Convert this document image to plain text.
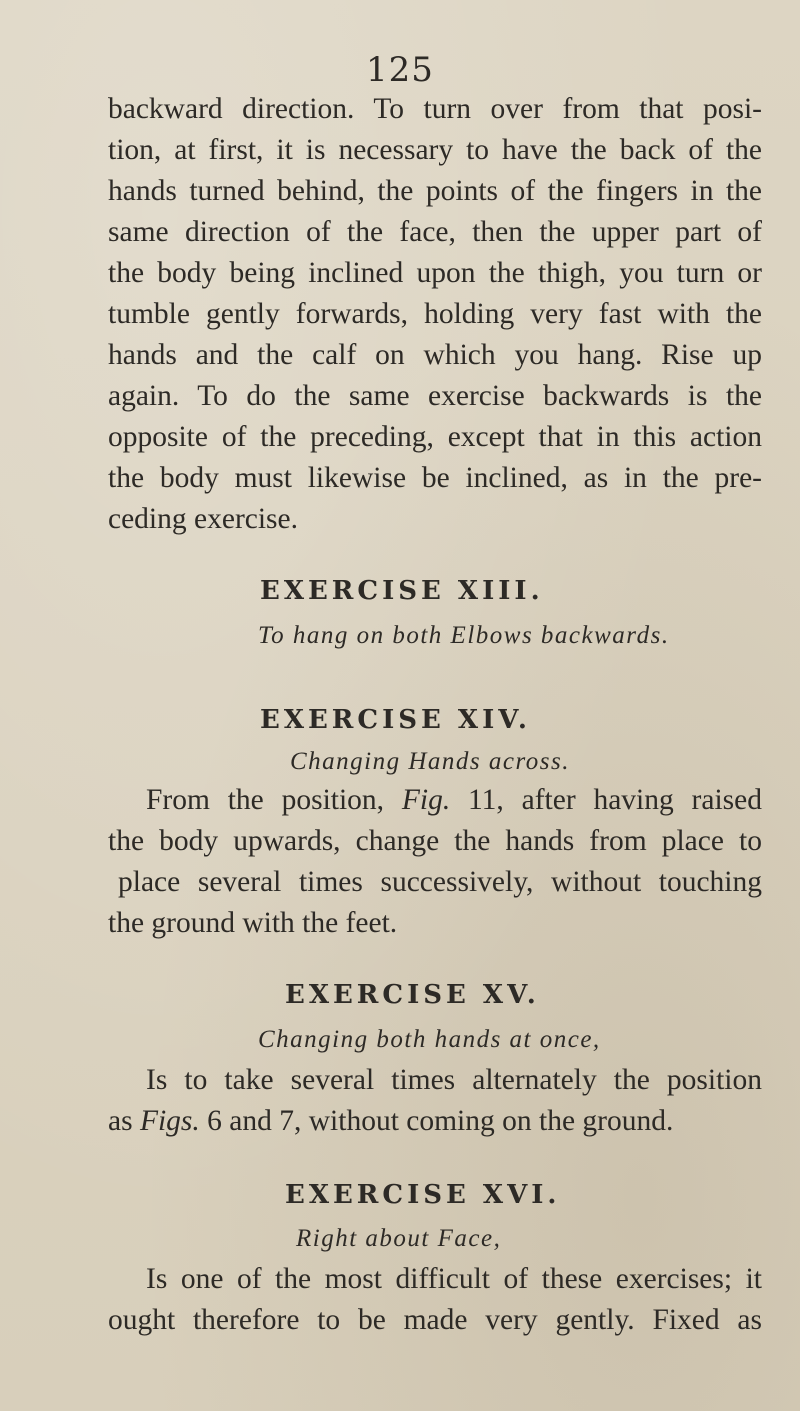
125
backward direction. To turn over from that posi-
tion, at first, it is necessary to have the back of the
hands turned behind, the points of the fingers in the
same direction of the face, then the upper part of
the body being inclined upon the thigh, you turn or
tumble gently forwards, holding very fast with the
hands and the calf on which you hang. Rise up
again. To do the same exercise backwards is the
opposite of the preceding, except that in this action
the body must likewise be inclined, as in the pre-
ceding exercise.
EXERCISE XIII.
To hang on both Elbows backwards.
EXERCISE XIV.
Changing Hands across.
From the position, Fig. 11, after having raised
the body upwards, change the hands from place to
place several times successively, without touching
the ground with the feet.
EXERCISE XV.
Changing both hands at once,
Is to take several times alternately the position
as Figs. 6 and 7, without coming on the ground.
EXERCISE XVI.
Right about Face,
Is one of the most difficult of these exercises; it
ought therefore to be made very gently. Fixed as
